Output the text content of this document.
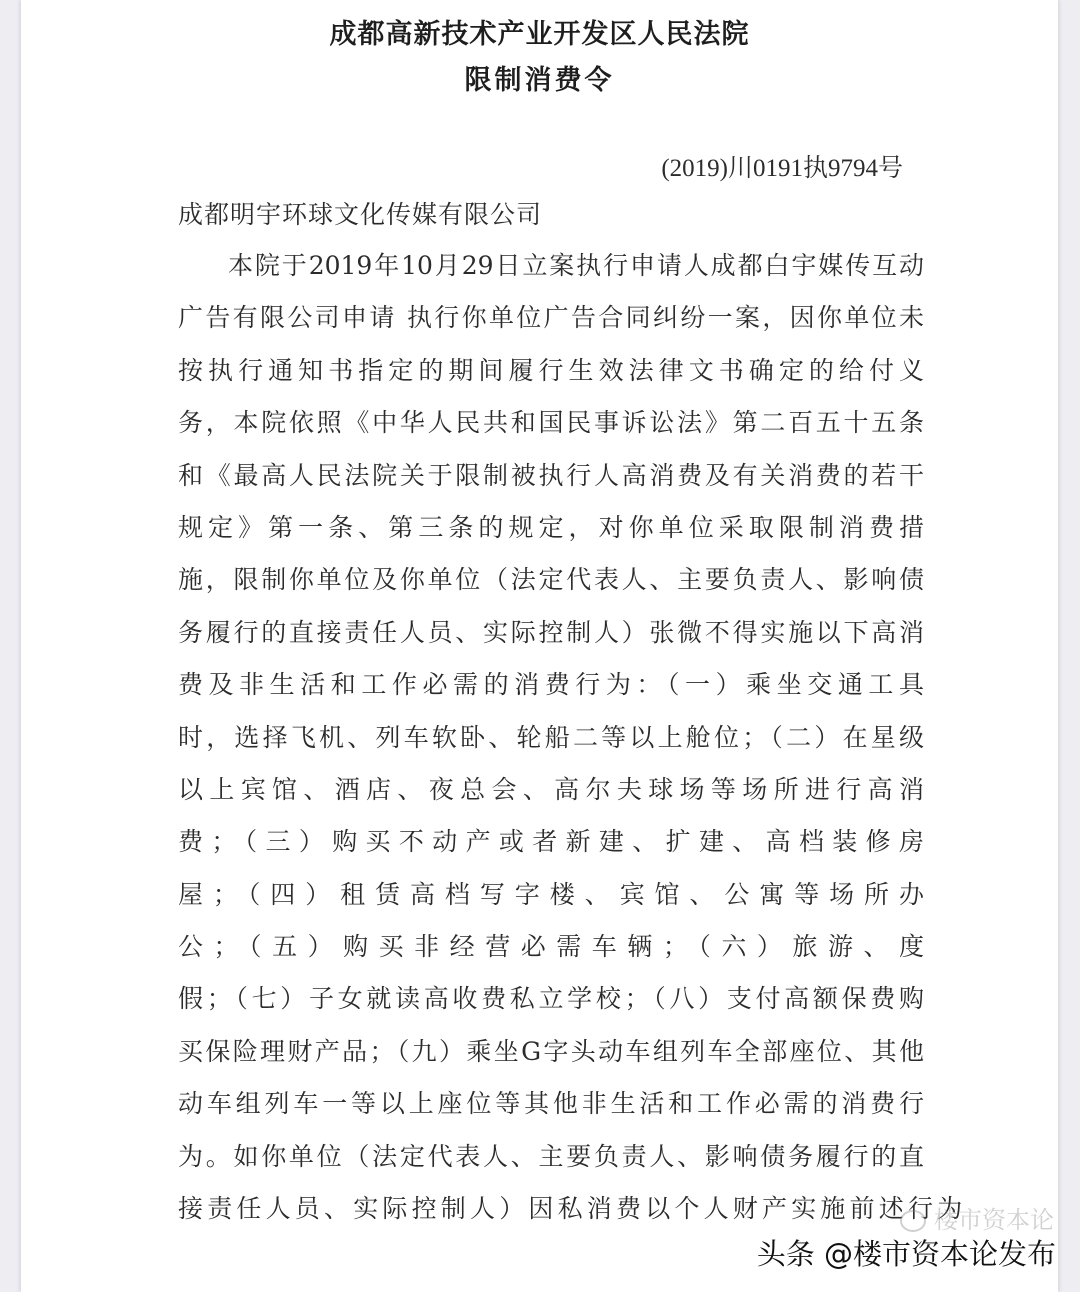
成都高新技术产业开发区人民法院
限制消费令
(2019)川0191执9794号
成都明宇环球文化传媒有限公司
本院于2019年10月29日立案执行申请人成都白宇媒传互动
广告有限公司申请 执行你单位广告合同纠纷一案，因你单位未
按执行通知书指定的期间履行生效法律文书确定的给付义
务，本院依照《中华人民共和国民事诉讼法》第二百五十五条
和《最高人民法院关于限制被执行人高消费及有关消费的若干
规定》第一条、第三条的规定，对你单位采取限制消费措
施，限制你单位及你单位（法定代表人、主要负责人、影响债
务履行的直接责任人员、实际控制人）张微不得实施以下高消
费及非生活和工作必需的消费行为：（一）乘坐交通工具
时，选择飞机、列车软卧、轮船二等以上舱位；（二）在星级
以上宾馆、酒店、夜总会、高尔夫球场等场所进行高消
费；（三）购买不动产或者新建、扩建、高档装修房
屋；（四）租赁高档写字楼、宾馆、公寓等场所办
公；（五）购买非经营必需车辆；（六）旅游、度
假；（七）子女就读高收费私立学校；（八）支付高额保费购
买保险理财产品；（九）乘坐G字头动车组列车全部座位、其他
动车组列车一等以上座位等其他非生活和工作必需的消费行
为。如你单位（法定代表人、主要负责人、影响债务履行的直
接责任人员、实际控制人）因私消费以个人财产实施前述行为
楼市资本论
头条 @楼市资本论发布
